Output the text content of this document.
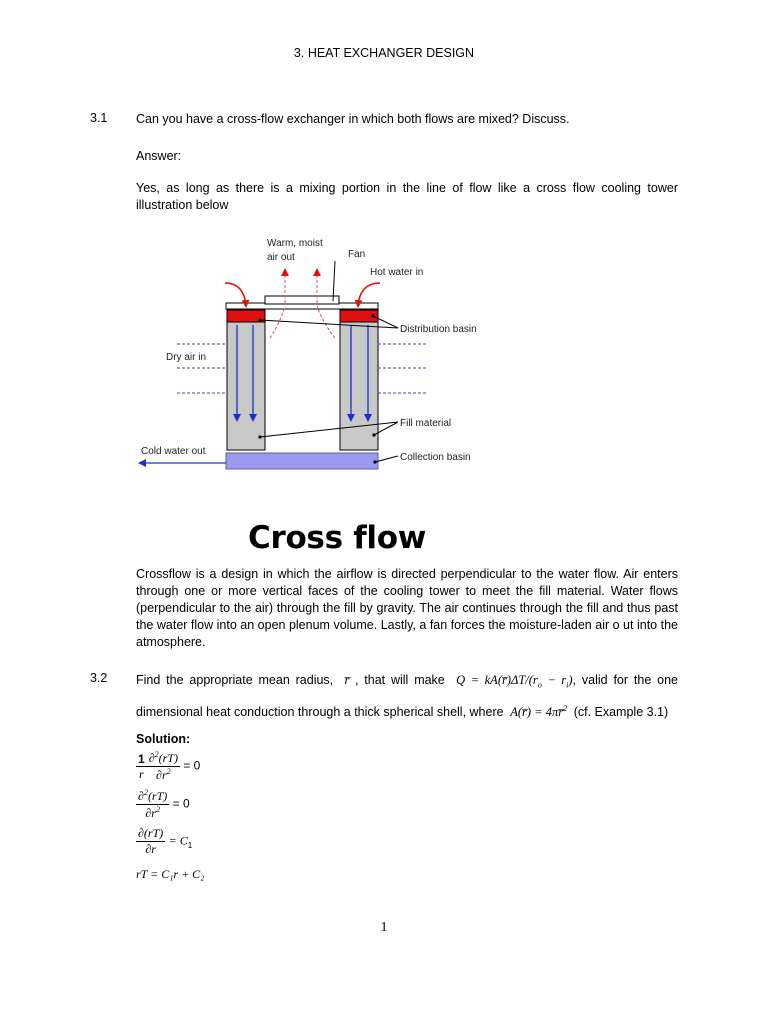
3. HEAT EXCHANGER DESIGN
3.1 Can you have a cross-flow exchanger in which both flows are mixed? Discuss.
Answer:
Yes, as long as there is a mixing portion in the line of flow like a cross flow cooling tower illustration below
Warm, moist
air out	Fan
Hot water in
Distribution basin
Dry air in
Fill material
Cold water out
Collection basin
Cross flow
Crossflow is a design in which the airflow is directed perpendicular to the water flow. Air enters through one or more vertical faces of the cooling tower to meet the fill material. Water flows (perpendicular to the air) through the fill by gravity. The air continues through the fill and thus past the water flow into an open plenum volume. Lastly, a fan forces the moisture-laden air o ut into the atmosphere.
3.2 Find the appropriate mean radius,  r̅ , that will make  $Q = kA(r̅)\Delta T/(r_o - r_i)$, valid for the one dimensional heat conduction through a thick spherical shell, where  A(r̅) = 4πr̅$^2$ (cf. Example 3.1)
Solution:
$\frac{1}{r} \frac{\partial^2(rT)}{\partial r^2} = 0$
$\frac{\partial^2(rT)}{\partial r^2} = 0$
$\frac{\partial(rT)}{\partial r} = C_1$
rT = C₁r + C₂
1
